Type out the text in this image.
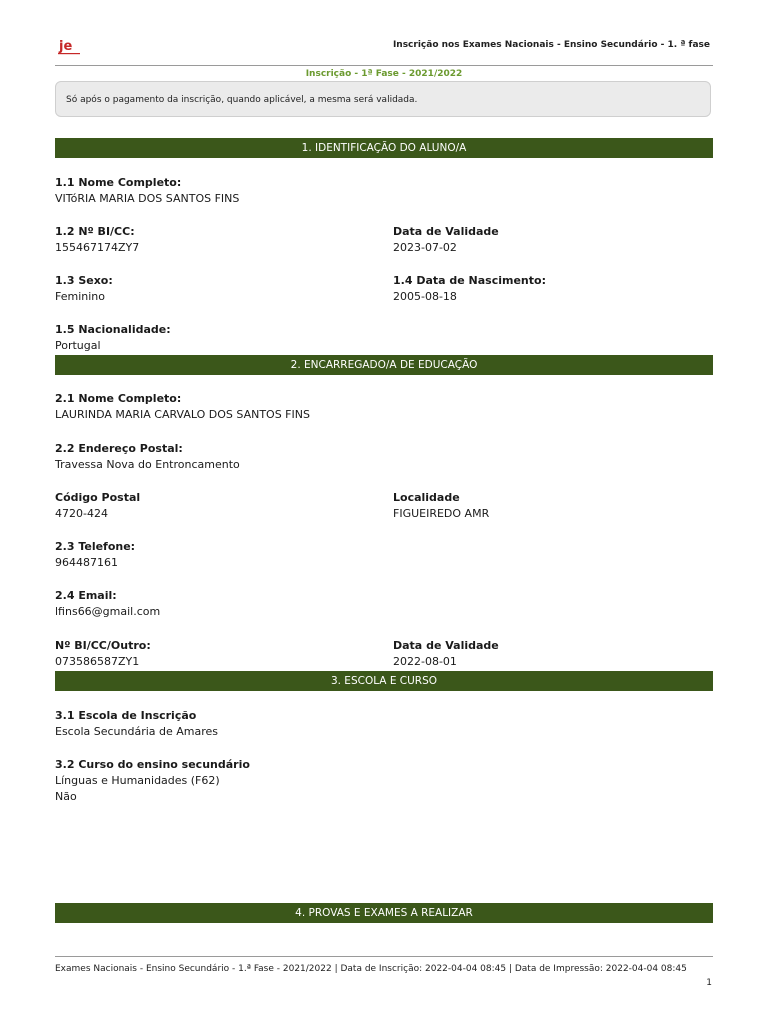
je	Inscrição nos Exames Nacionais - Ensino Secundário - 1. ª fase
Inscrição - 1ª Fase - 2021/2022
Só após o pagamento da inscrição, quando aplicável, a mesma será validada.
1. IDENTIFICAÇÃO DO ALUNO/A
1.1 Nome Completo:
VITóRIA MARIA DOS SANTOS FINS
1.2 Nº BI/CC:
155467174ZY7
Data de Validade
2023-07-02
1.3 Sexo:
Feminino
1.4 Data de Nascimento:
2005-08-18
1.5 Nacionalidade:
Portugal
2. ENCARREGADO/A DE EDUCAÇÃO
2.1 Nome Completo:
LAURINDA MARIA CARVALO DOS SANTOS FINS
2.2 Endereço Postal:
Travessa Nova do Entroncamento
Código Postal
4720-424
Localidade
FIGUEIREDO AMR
2.3 Telefone:
964487161
2.4 Email:
lfins66@gmail.com
Nº BI/CC/Outro:
073586587ZY1
Data de Validade
2022-08-01
3. ESCOLA E CURSO
3.1 Escola de Inscrição
Escola Secundária de Amares
3.2 Curso do ensino secundário
Línguas e Humanidades (F62)
Não
4. PROVAS E EXAMES A REALIZAR
Exames Nacionais - Ensino Secundário - 1.ª Fase - 2021/2022 | Data de Inscrição: 2022-04-04 08:45 | Data de Impressão: 2022-04-04 08:45
1
